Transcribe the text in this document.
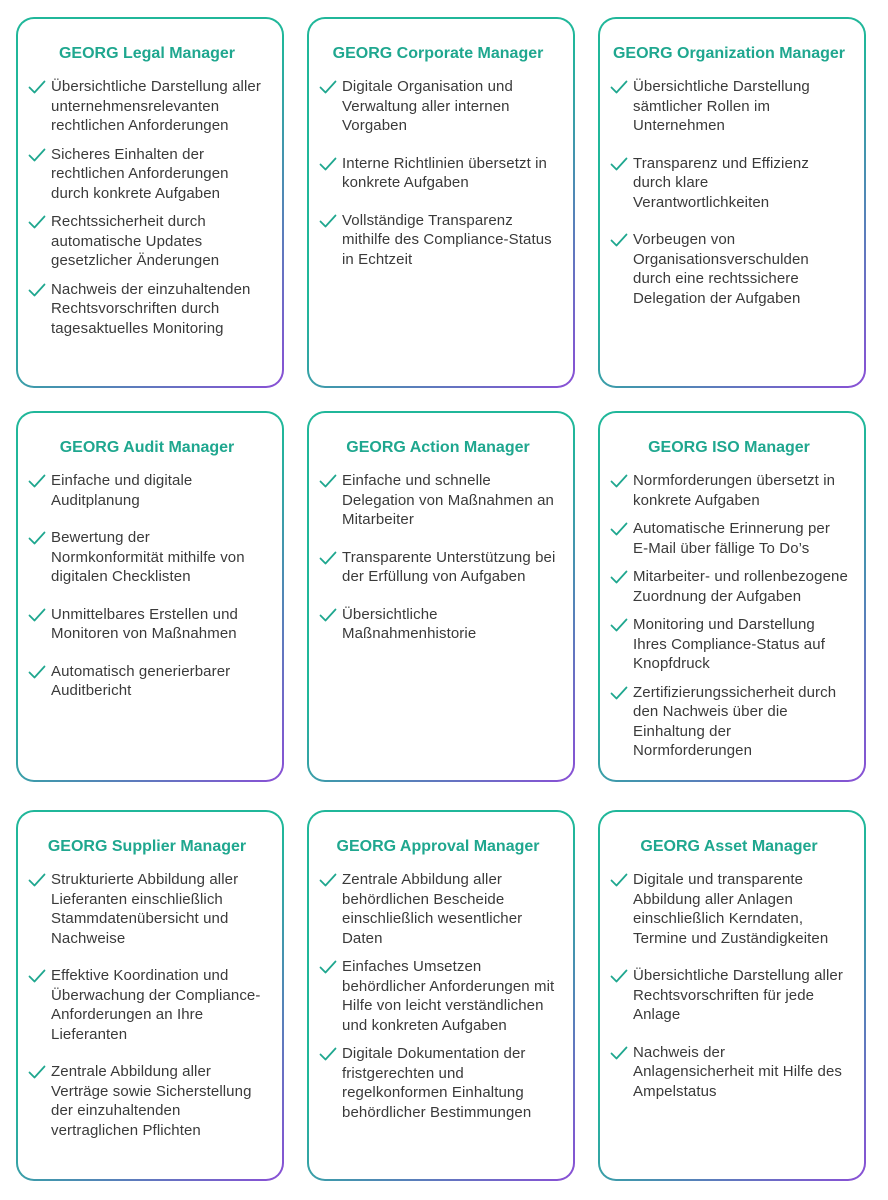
GEORG Legal Manager
Übersichtliche Darstellung aller unternehmensrelevanten rechtlichen Anforderungen
Sicheres Einhalten der rechtlichen Anforderungen durch konkrete Aufgaben
Rechtssicherheit durch automatische Updates gesetzlicher Änderungen
Nachweis der einzuhaltenden Rechtsvorschriften durch tagesaktuelles Monitoring
GEORG Corporate Manager
Digitale Organisation und Verwaltung aller internen Vorgaben
Interne Richtlinien übersetzt in konkrete Aufgaben
Vollständige Transparenz mithilfe des Compliance-Status in Echtzeit
GEORG Organization Manager
Übersichtliche Darstellung sämtlicher Rollen im Unternehmen
Transparenz und Effizienz durch klare Verantwortlichkeiten
Vorbeugen von Organisationsverschulden durch eine rechtssichere Delegation der Aufgaben
GEORG Audit Manager
Einfache und digitale Auditplanung
Bewertung der Normkonformität mithilfe von digitalen Checklisten
Unmittelbares Erstellen und Monitoren von Maßnahmen
Automatisch generierbarer Auditbericht
GEORG Action Manager
Einfache und schnelle Delegation von Maßnahmen an Mitarbeiter
Transparente Unterstützung bei der Erfüllung von Aufgaben
Übersichtliche Maßnahmenhistorie
GEORG ISO Manager
Normforderungen übersetzt in konkrete Aufgaben
Automatische Erinnerung per E-Mail über fällige To Do’s
Mitarbeiter- und rollenbezogene Zuordnung der Aufgaben
Monitoring und Darstellung Ihres Compliance-Status auf Knopfdruck
Zertifizierungssicherheit durch den Nachweis über die Einhaltung der Normforderungen
GEORG Supplier Manager
Strukturierte Abbildung aller Lieferanten einschließlich Stammdatenübersicht und Nachweise
Effektive Koordination und Überwachung der Compliance- Anforderungen an Ihre Lieferanten
Zentrale Abbildung aller Verträge sowie Sicherstellung der einzuhaltenden vertraglichen Pflichten
GEORG Approval Manager
Zentrale Abbildung aller behördlichen Bescheide einschließlich wesentlicher Daten
Einfaches Umsetzen behördlicher Anforderungen mit Hilfe von leicht verständlichen und konkreten Aufgaben
Digitale Dokumentation der fristgerechten und regelkonformen Einhaltung behördlicher Bestimmungen
GEORG Asset Manager
Digitale und transparente Abbildung aller Anlagen einschließlich Kerndaten, Termine und Zuständigkeiten
Übersichtliche Darstellung aller Rechtsvorschriften für jede Anlage
Nachweis der Anlagensicherheit mit Hilfe des Ampelstatus
